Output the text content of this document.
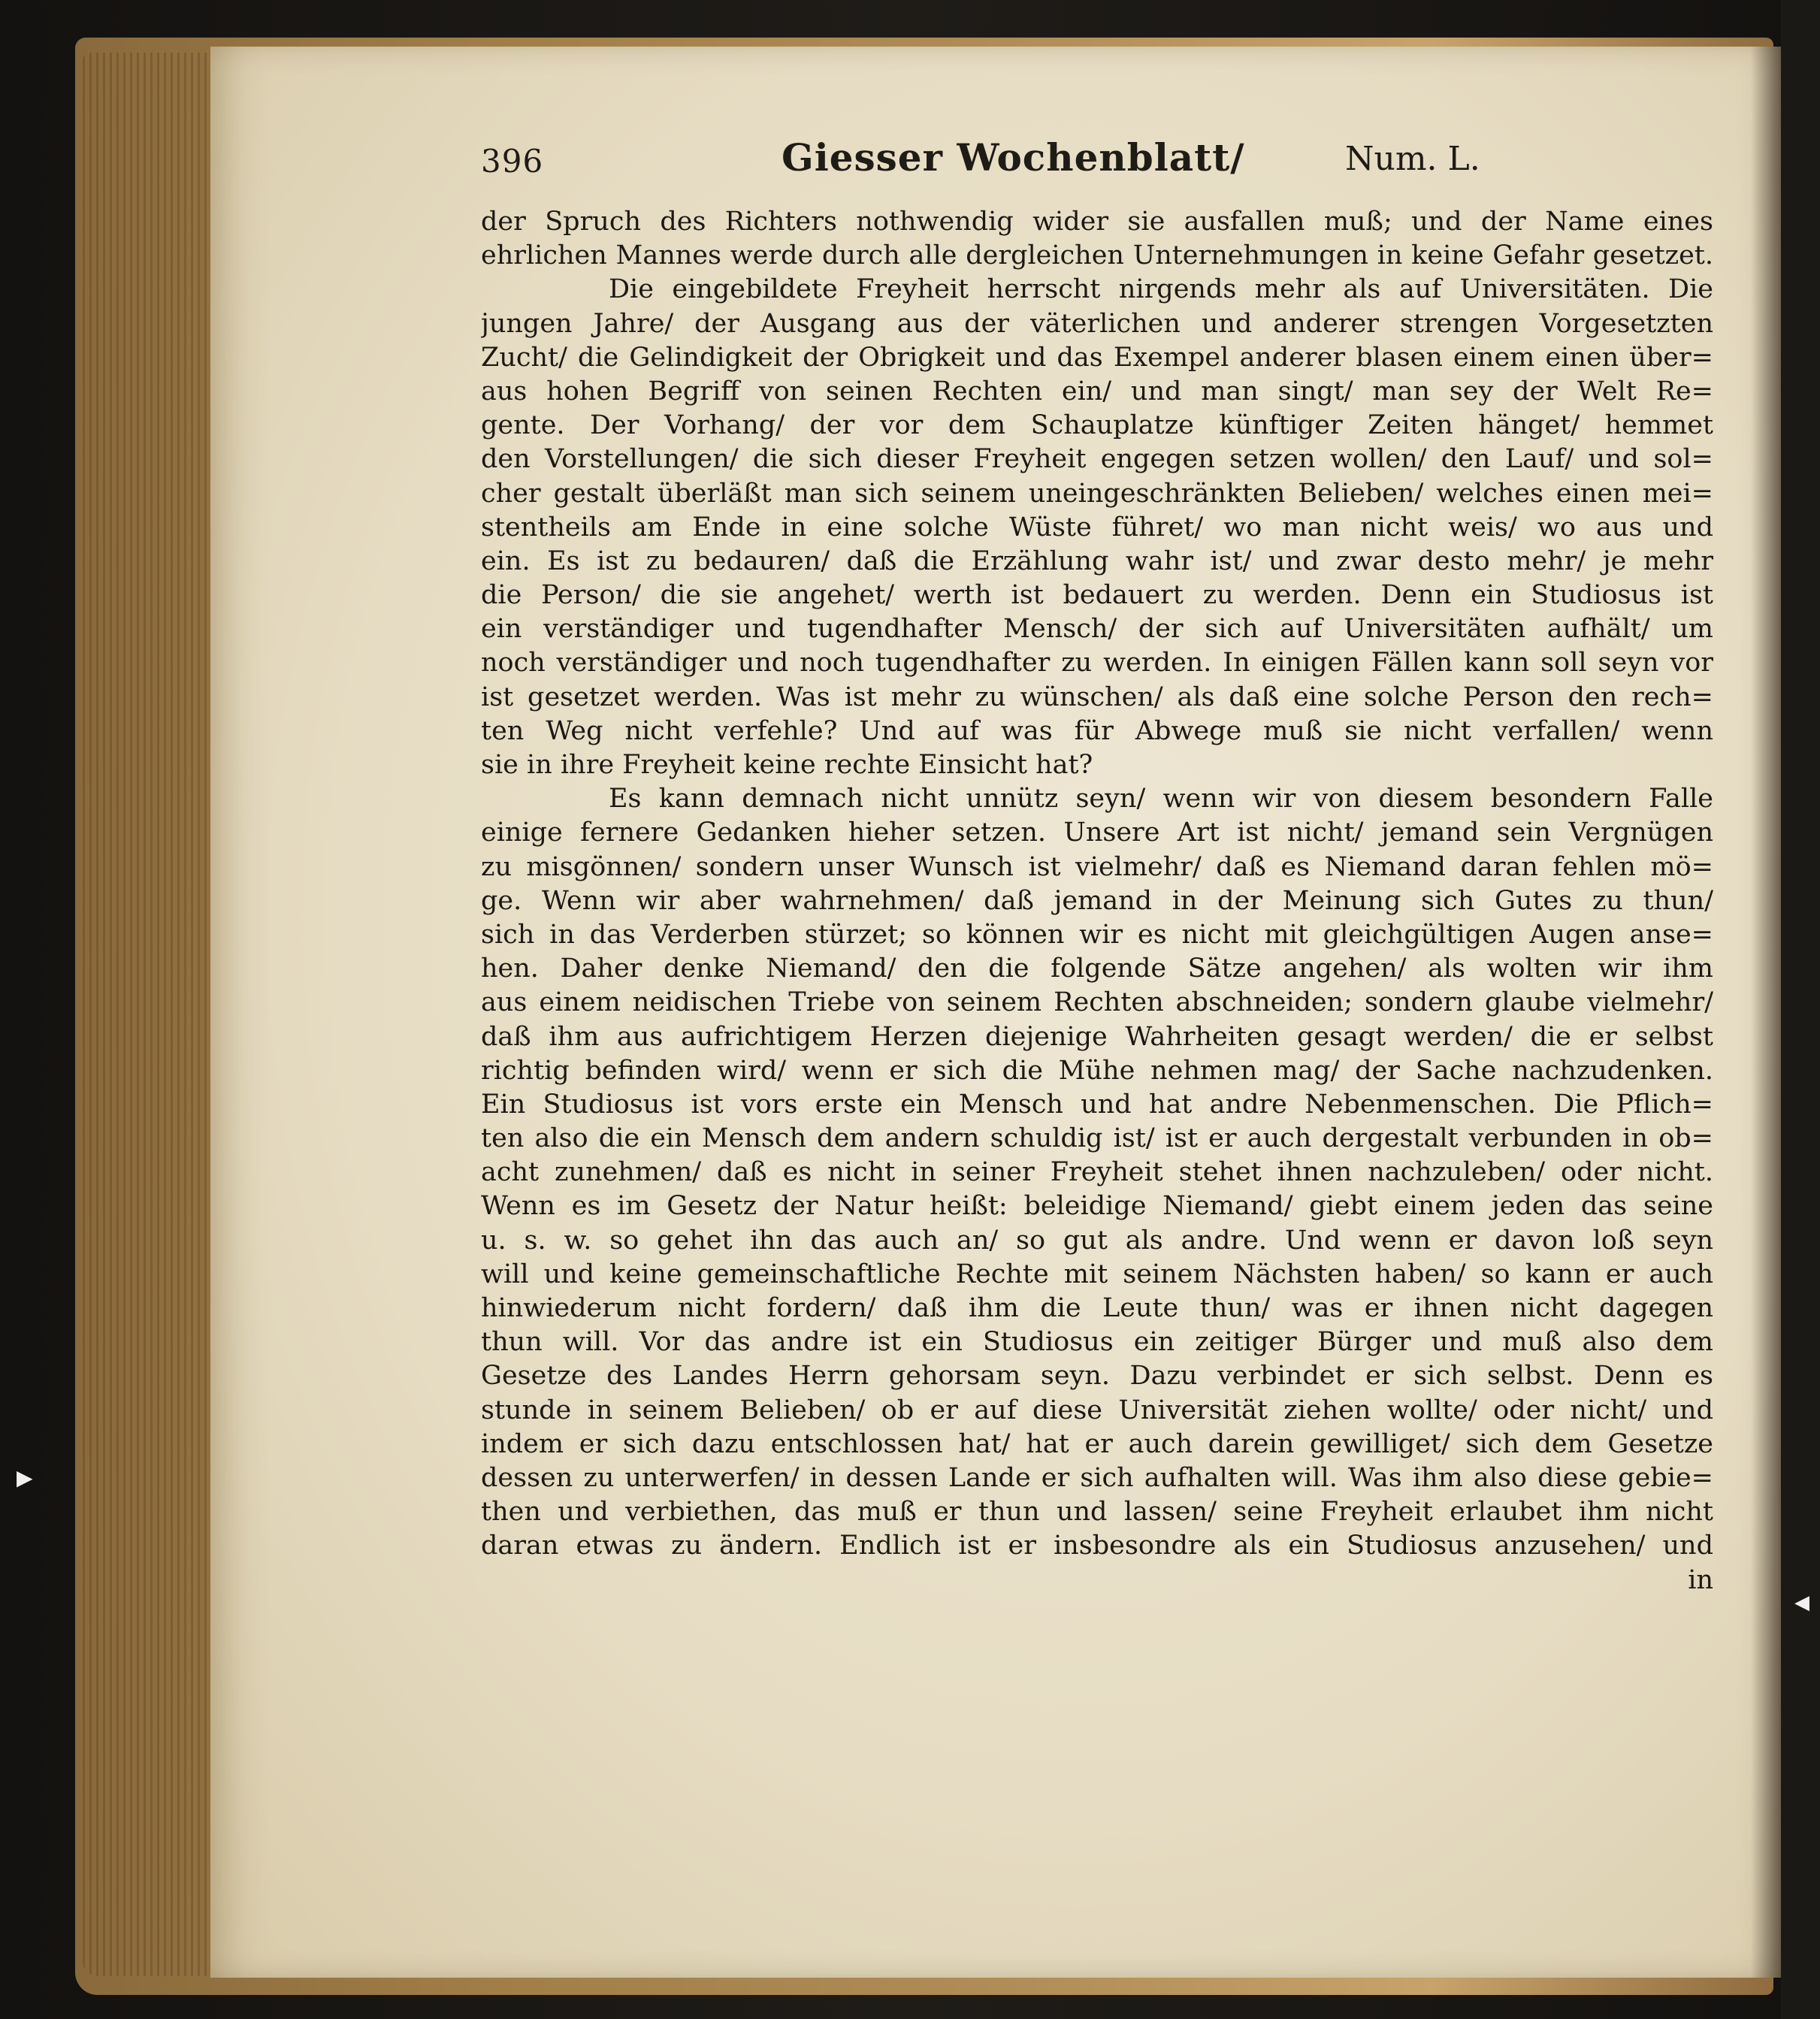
▶
◀
396	Giesser Wochenblatt/	Num. L.
der Spruch des Richters nothwendig wider sie ausfallen muß; und der Name eines
ehrlichen Mannes werde durch alle dergleichen Unternehmungen in keine Gefahr gesetzet.
Die eingebildete Freyheit herrscht nirgends mehr als auf Universitäten. Die
jungen Jahre/ der Ausgang aus der väterlichen und anderer strengen Vorgesetzten
Zucht/ die Gelindigkeit der Obrigkeit und das Exempel anderer blasen einem einen über=
aus hohen Begriff von seinen Rechten ein/ und man singt/ man sey der Welt Re=
gente. Der Vorhang/ der vor dem Schauplatze künftiger Zeiten hänget/ hemmet
den Vorstellungen/ die sich dieser Freyheit engegen setzen wollen/ den Lauf/ und sol=
cher gestalt überläßt man sich seinem uneingeschränkten Belieben/ welches einen mei=
stentheils am Ende in eine solche Wüste führet/ wo man nicht weis/ wo aus und
ein. Es ist zu bedauren/ daß die Erzählung wahr ist/ und zwar desto mehr/ je mehr
die Person/ die sie angehet/ werth ist bedauert zu werden. Denn ein Studiosus ist
ein verständiger und tugendhafter Mensch/ der sich auf Universitäten aufhält/ um
noch verständiger und noch tugendhafter zu werden. In einigen Fällen kann soll seyn vor
ist gesetzet werden. Was ist mehr zu wünschen/ als daß eine solche Person den rech=
ten Weg nicht verfehle? Und auf was für Abwege muß sie nicht verfallen/ wenn
sie in ihre Freyheit keine rechte Einsicht hat?
Es kann demnach nicht unnütz seyn/ wenn wir von diesem besondern Falle
einige fernere Gedanken hieher setzen. Unsere Art ist nicht/ jemand sein Vergnügen
zu misgönnen/ sondern unser Wunsch ist vielmehr/ daß es Niemand daran fehlen mö=
ge. Wenn wir aber wahrnehmen/ daß jemand in der Meinung sich Gutes zu thun/
sich in das Verderben stürzet; so können wir es nicht mit gleichgültigen Augen anse=
hen. Daher denke Niemand/ den die folgende Sätze angehen/ als wolten wir ihm
aus einem neidischen Triebe von seinem Rechten abschneiden; sondern glaube vielmehr/
daß ihm aus aufrichtigem Herzen diejenige Wahrheiten gesagt werden/ die er selbst
richtig befinden wird/ wenn er sich die Mühe nehmen mag/ der Sache nachzudenken.
Ein Studiosus ist vors erste ein Mensch und hat andre Nebenmenschen. Die Pflich=
ten also die ein Mensch dem andern schuldig ist/ ist er auch dergestalt verbunden in ob=
acht zunehmen/ daß es nicht in seiner Freyheit stehet ihnen nachzuleben/ oder nicht.
Wenn es im Gesetz der Natur heißt: beleidige Niemand/ giebt einem jeden das seine
u. s. w. so gehet ihn das auch an/ so gut als andre. Und wenn er davon loß seyn
will und keine gemeinschaftliche Rechte mit seinem Nächsten haben/ so kann er auch
hinwiederum nicht fordern/ daß ihm die Leute thun/ was er ihnen nicht dagegen
thun will. Vor das andre ist ein Studiosus ein zeitiger Bürger und muß also dem
Gesetze des Landes Herrn gehorsam seyn. Dazu verbindet er sich selbst. Denn es
stunde in seinem Belieben/ ob er auf diese Universität ziehen wollte/ oder nicht/ und
indem er sich dazu entschlossen hat/ hat er auch darein gewilliget/ sich dem Gesetze
dessen zu unterwerfen/ in dessen Lande er sich aufhalten will. Was ihm also diese gebie=
then und verbiethen, das muß er thun und lassen/ seine Freyheit erlaubet ihm nicht
daran etwas zu ändern. Endlich ist er insbesondre als ein Studiosus anzusehen/ und
in
